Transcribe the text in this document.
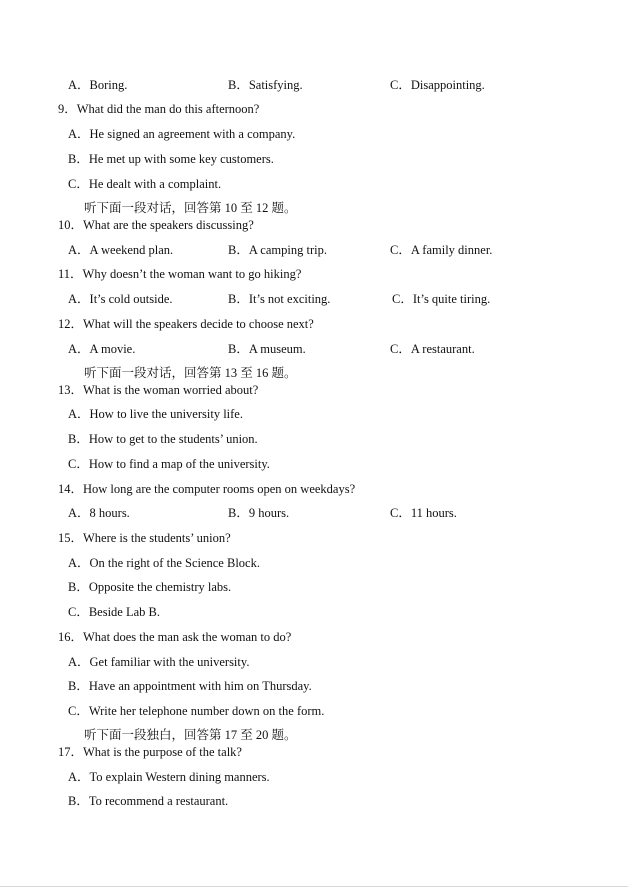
A．Boring.	B．Satisfying.	C．Disappointing.
9．What did the man do this afternoon?
A．He signed an agreement with a company.
B．He met up with some key customers.
C．He dealt with a complaint.
听下面一段对话，回答第 10 至 12 题。
10．What are the speakers discussing?
A．A weekend plan.	B．A camping trip.	C．A family dinner.
11．Why doesn’t the woman want to go hiking?
A．It’s cold outside.	B．It’s not exciting.	C．It’s quite tiring.
12．What will the speakers decide to choose next?
A．A movie.	B．A museum.	C．A restaurant.
听下面一段对话，回答第 13 至 16 题。
13．What is the woman worried about?
A．How to live the university life.
B．How to get to the students’ union.
C．How to find a map of the university.
14．How long are the computer rooms open on weekdays?
A．8 hours.	B．9 hours.	C．11 hours.
15．Where is the students’ union?
A．On the right of the Science Block.
B．Opposite the chemistry labs.
C．Beside Lab B.
16．What does the man ask the woman to do?
A．Get familiar with the university.
B．Have an appointment with him on Thursday.
C．Write her telephone number down on the form.
听下面一段独白，回答第 17 至 20 题。
17．What is the purpose of the talk?
A．To explain Western dining manners.
B．To recommend a restaurant.
